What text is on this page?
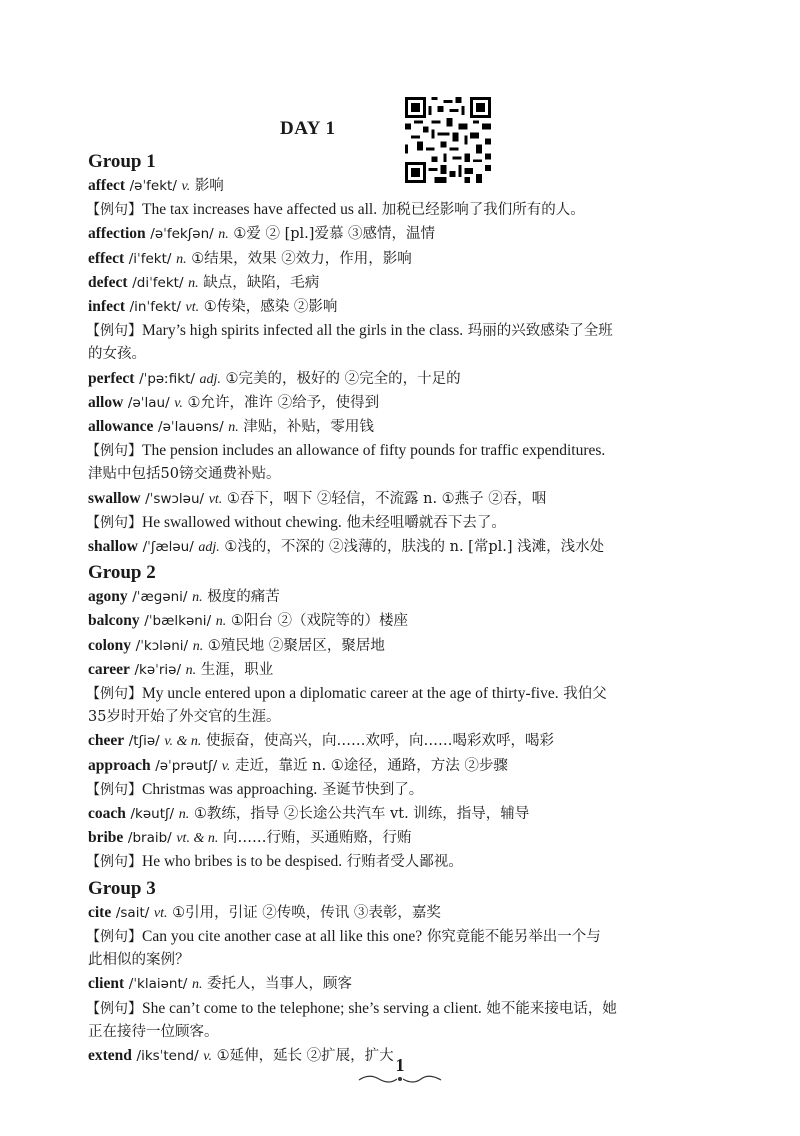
DAY 1
Group 1
affect /əˈfekt/ v. 影响
【例句】The tax increases have affected us all. 加税已经影响了我们所有的人。
affection /əˈfekʃən/ n. ①爱 ② [pl.]爱慕 ③感情，温情
effect /iˈfekt/ n. ①结果，效果 ②效力，作用，影响
defect /diˈfekt/ n. 缺点，缺陷，毛病
infect /inˈfekt/ vt. ①传染，感染 ②影响
【例句】Mary’s high spirits infected all the girls in the class. 玛丽的兴致感染了全班
的女孩。
perfect /ˈpəːfikt/ adj. ①完美的，极好的 ②完全的，十足的
allow /əˈlau/ v. ①允许，准许 ②给予，使得到
allowance /əˈlauəns/ n. 津贴，补贴，零用钱
【例句】The pension includes an allowance of fifty pounds for traffic expenditures.
津贴中包括50镑交通费补贴。
swallow /ˈswɔləu/ vt. ①吞下，咽下 ②轻信，不流露 n. ①燕子 ②吞，咽
【例句】He swallowed without chewing. 他未经咀嚼就吞下去了。
shallow /ˈʃæləu/ adj. ①浅的，不深的 ②浅薄的，肤浅的 n. [常pl.] 浅滩，浅水处
Group 2
agony /ˈæɡəni/ n. 极度的痛苦
balcony /ˈbælkəni/ n. ①阳台 ②（戏院等的）楼座
colony /ˈkɔləni/ n. ①殖民地 ②聚居区，聚居地
career /kəˈriə/ n. 生涯，职业
【例句】My uncle entered upon a diplomatic career at the age of thirty-five. 我伯父
35岁时开始了外交官的生涯。
cheer /tʃiə/ v. & n. 使振奋，使高兴，向……欢呼，向……喝彩欢呼，喝彩
approach /əˈprəutʃ/ v. 走近，靠近 n. ①途径，通路，方法 ②步骤
【例句】Christmas was approaching. 圣诞节快到了。
coach /kəutʃ/ n. ①教练，指导 ②长途公共汽车 vt. 训练，指导，辅导
bribe /braib/ vt. & n. 向……行贿，买通贿赂，行贿
【例句】He who bribes is to be despised. 行贿者受人鄙视。
Group 3
cite /sait/ vt. ①引用，引证 ②传唤，传讯 ③表彰，嘉奖
【例句】Can you cite another case at all like this one? 你究竟能不能另举出一个与
此相似的案例？
client /ˈklaiənt/ n. 委托人，当事人，顾客
【例句】She can’t come to the telephone; she’s serving a client. 她不能来接电话，她
正在接待一位顾客。
extend /iksˈtend/ v. ①延伸，延长 ②扩展，扩大 1
